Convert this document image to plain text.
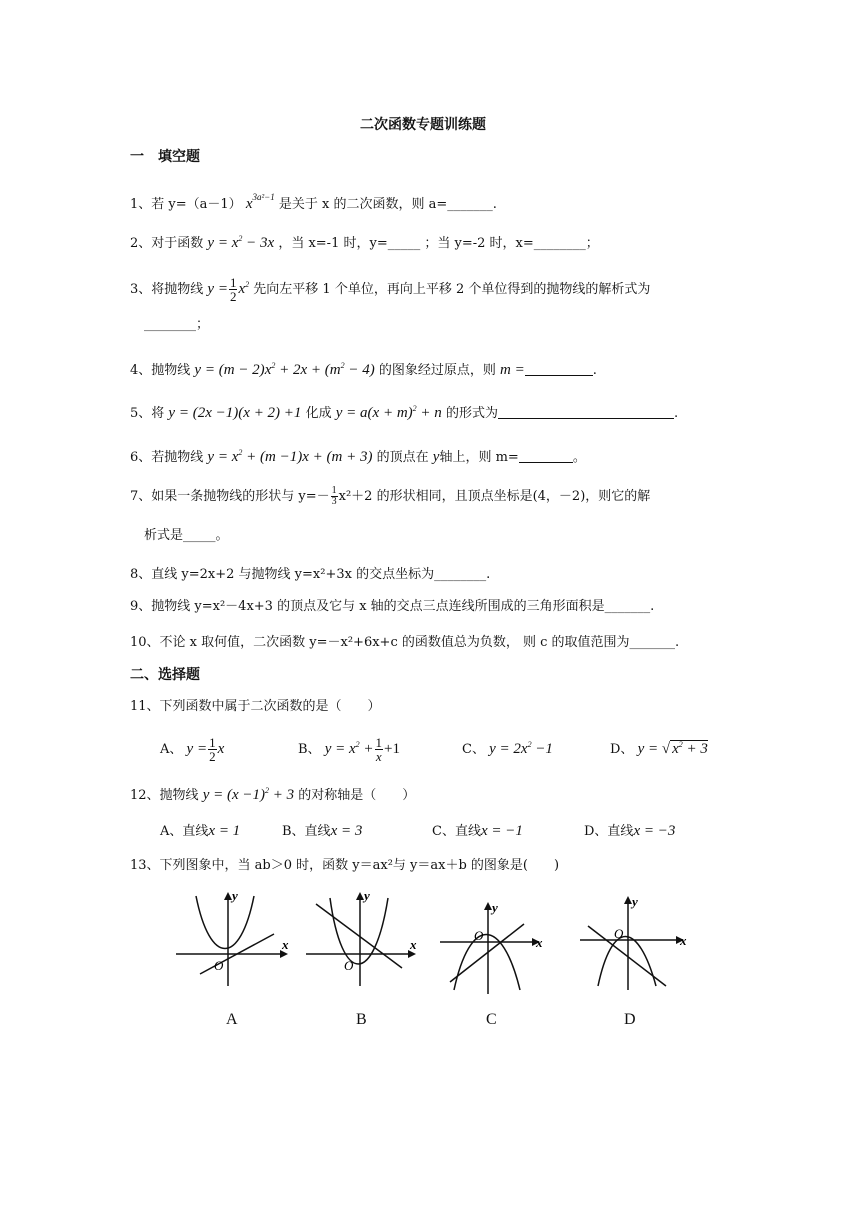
二次函数专题训练题
一　填空题
1、若 y=（a－1） $x^{3a^2-1}$ 是关于 x 的二次函数，则 a=_______.
2、对于函数 $y = x^2 - 3x$ ，当 x=-1 时，y=_____ ；当 y=-2 时，x=________；
3、将抛物线 $y = \frac{1}{2} x^2$ 先向左平移 1 个单位，再向上平移 2 个单位得到的抛物线的解析式为
________；
4、抛物线 $y = (m - 2)x^2 + 2x + (m^2 - 4)$ 的图象经过原点，则 m =	.
5、将 y = (2x −1)(x + 2) +1 化成 $y = a(x + m)^2 + n$ 的形式为	.
6、若抛物线 $y = x^2 + (m -1)x + (m + 3)$ 的顶点在 y轴上，则 m=	。
7、如果一条抛物线的形状与 $y=- \frac{1}{3} x^2+2$ 的形状相同，且顶点坐标是(4，－2)，则它的解
析式是_____。
8、直线 y=2x+2 与抛物线 y=x²+3x 的交点坐标为________.
9、抛物线 y=x²－4x+3 的顶点及它与 x 轴的交点三点连线所围成的三角形面积是_______.
10、不论 x 取何值，二次函数 y=－x²+6x+c 的函数值总为负数， 则 c 的取值范围为_______.
二、选择题
11、下列函数中属于二次函数的是（　　）
A、 $y = \frac{1}{2}$ x	B、 $y = x^2 + \frac{1}{x} +1$	C、 $y = 2x^2 -1$	D、 y = √ $x^2 + 3$
12、抛物线 $y = (x -1)^2 + 3$ 的对称轴是（　　）
A、直线x = 1	B、直线x = 3	C、直线x = −1	D、直线x = −3
13、下列图象中，当 ab＞0 时，函数 y＝ax²与 y＝ax＋b 的图象是(　　)
y
x
O
A
y
x
O
B
y
x
O
C
y
x
O
D
